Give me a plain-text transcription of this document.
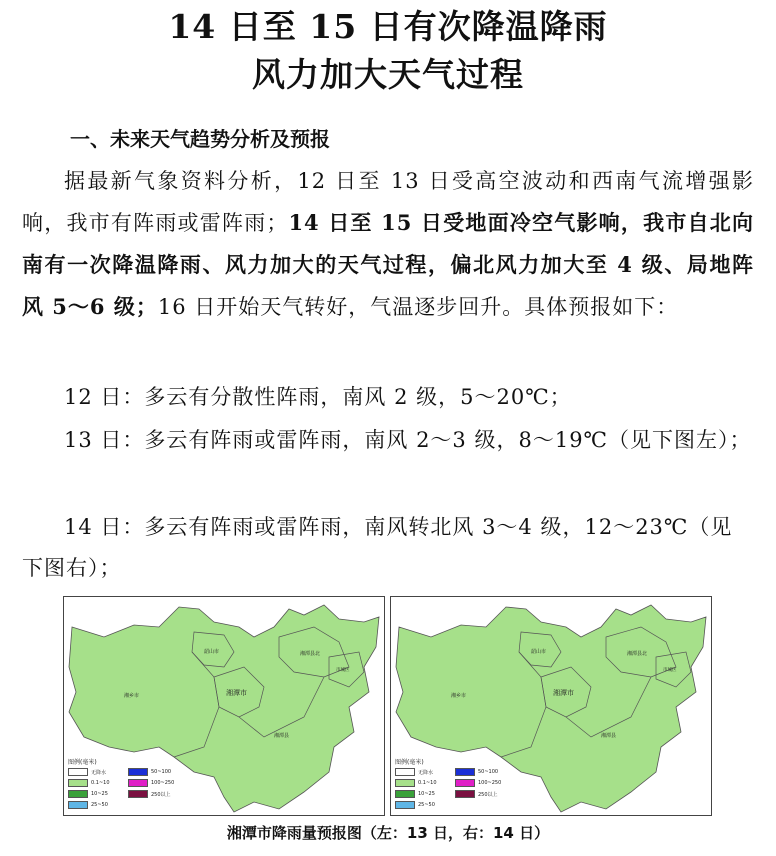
14 日至 15 日有次降温降雨
风力加大天气过程
一、未来天气趋势分析及预报

据最新气象资料分析，12 日至 13 日受高空波动和西南气流增强影响，我市有阵雨或雷阵雨；14 日至 15 日受地面冷空气影响，我市自北向南有一次降温降雨、风力加大的天气过程，偏北风力加大至 4 级、局地阵风 5～6 级；16 日开始天气转好，气温逐步回升。具体预报如下：

12 日：多云有分散性阵雨，南风 2 级，5～20℃；

13 日：多云有阵雨或雷阵雨，南风 2～3 级，8～19℃（见下图左）；

14 日：多云有阵雨或雷阵雨，南风转北风 3～4 级，12～23℃（见下图右）；

韶山市
湘乡市	湘潭市
湘潭县
湘潭县北
市城区
图例(毫米)
无降水	50~100
0.1~10	100~250
10~25	250以上
25~50
韶山市
湘乡市	湘潭市
湘潭县
湘潭县北
市城区
图例(毫米)
无降水	50~100
0.1~10	100~250
10~25	250以上
25~50
湘潭市降雨量预报图（左：13 日，右：14 日）
